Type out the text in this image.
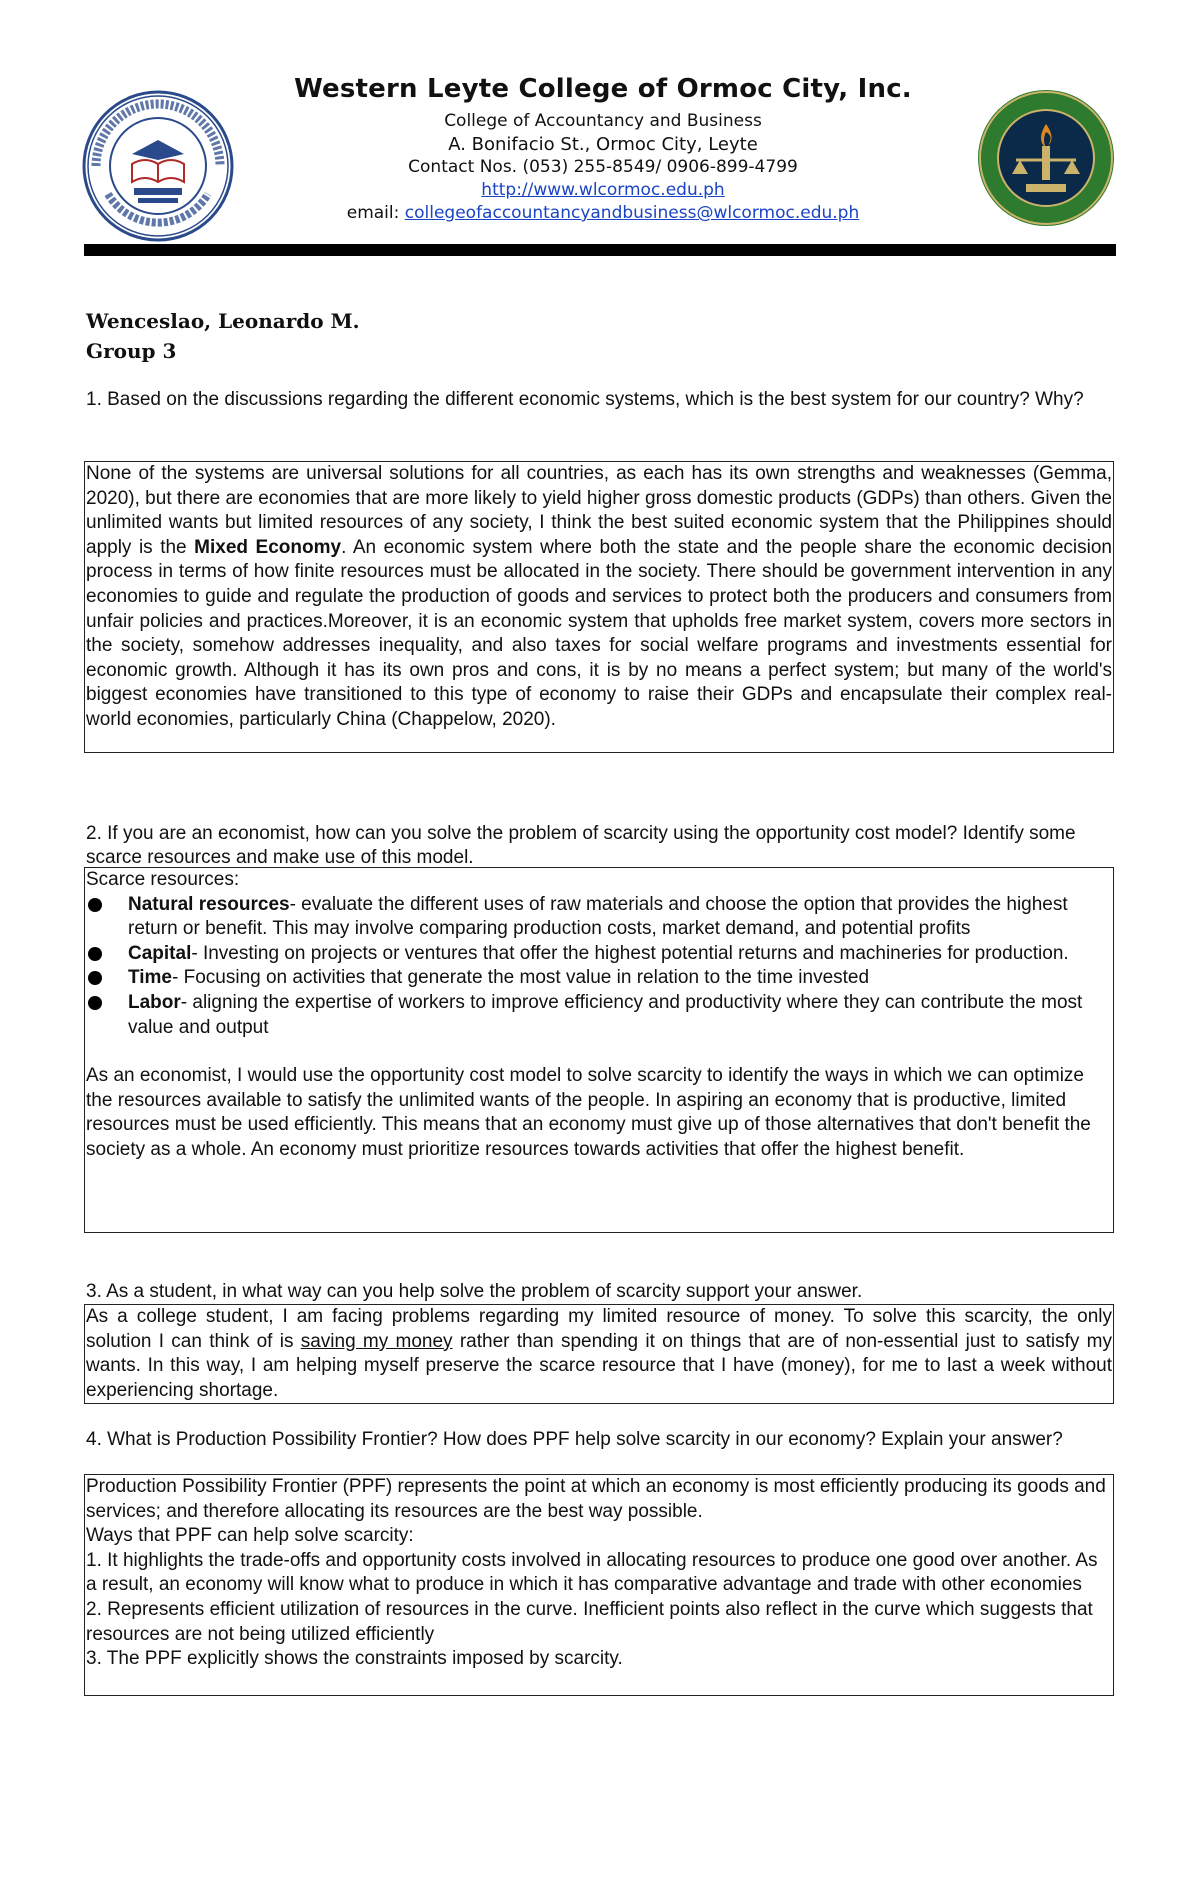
Western Leyte College of Ormoc City, Inc.

College of Accountancy and Business

A. Bonifacio St., Ormoc City, Leyte

Contact Nos. (053) 255-8549/ 0906-899-4799

http://www.wlcormoc.edu.ph

email: collegeofaccountancyandbusiness@wlcormoc.edu.ph

Wenceslao, Leonardo M.
Group 3
1. Based on the discussions regarding the different economic systems, which is the best system for our country? Why?
None of the systems are universal solutions for all countries, as each has its own strengths and weaknesses (Gemma, 2020), but there are economies that are more likely to yield higher gross domestic products (GDPs) than others. Given the unlimited wants but limited resources of any society, I think the best suited economic system that the Philippines should apply is the Mixed Economy. An economic system where both the state and the people share the economic decision process in terms of how finite resources must be allocated in the society. There should be government intervention in any economies to guide and regulate the production of goods and services to protect both the producers and consumers from unfair policies and practices.Moreover, it is an economic system that upholds free market system, covers more sectors in the society, somehow addresses inequality, and also taxes for social welfare programs and investments essential for economic growth. Although it has its own pros and cons, it is by no means a perfect system; but many of the world's biggest economies have transitioned to this type of economy to raise their GDPs and encapsulate their complex real-world economies, particularly China (Chappelow, 2020).
2. If you are an economist, how can you solve the problem of scarcity using the opportunity cost model? Identify some scarce resources and make use of this model.
Scarce resources:
Natural resources- evaluate the different uses of raw materials and choose the option that provides the highest return or benefit. This may involve comparing production costs, market demand, and potential profits
Capital- Investing on projects or ventures that offer the highest potential returns and machineries for production.
Time- Focusing on activities that generate the most value in relation to the time invested
Labor- aligning the expertise of workers to improve efficiency and productivity where they can contribute the most value and output
As an economist, I would use the opportunity cost model to solve scarcity to identify the ways in which we can optimize the resources available to satisfy the unlimited wants of the people. In aspiring an economy that is productive, limited resources must be used efficiently. This means that an economy must give up of those alternatives that don't benefit the society as a whole. An economy must prioritize resources towards activities that offer the highest benefit.
3. As a student, in what way can you help solve the problem of scarcity support your answer.
As a college student, I am facing problems regarding my limited resource of money. To solve this scarcity, the only solution I can think of is saving my money rather than spending it on things that are of non-essential just to satisfy my wants. In this way, I am helping myself preserve the scarce resource that I have (money), for me to last a week without experiencing shortage.
4. What is Production Possibility Frontier? How does PPF help solve scarcity in our economy? Explain your answer?

Production Possibility Frontier (PPF) represents the point at which an economy is most efficiently producing its goods and services; and therefore allocating its resources are the best way possible.

Ways that PPF can help solve scarcity:

1. It highlights the trade-offs and opportunity costs involved in allocating resources to produce one good over another. As a result, an economy will know what to produce in which it has comparative advantage and trade with other economies

2. Represents efficient utilization of resources in the curve. Inefficient points also reflect in the curve which suggests that resources are not being utilized efficiently

3. The PPF explicitly shows the constraints imposed by scarcity.
